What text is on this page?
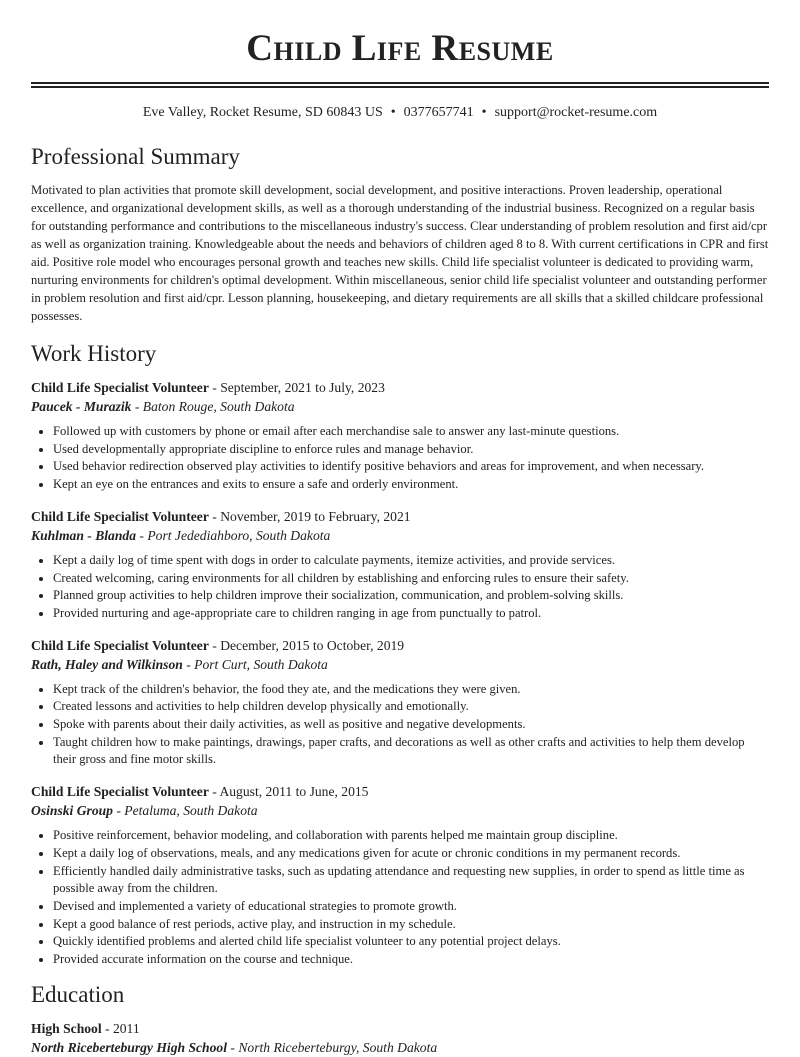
Child Life Resume
Eve Valley, Rocket Resume, SD 60843 US • 0377657741 • support@rocket-resume.com
Professional Summary
Motivated to plan activities that promote skill development, social development, and positive interactions. Proven leadership, operational excellence, and organizational development skills, as well as a thorough understanding of the industrial business. Recognized on a regular basis for outstanding performance and contributions to the miscellaneous industry's success. Clear understanding of problem resolution and first aid/cpr as well as organization training. Knowledgeable about the needs and behaviors of children aged 8 to 8. With current certifications in CPR and first aid. Positive role model who encourages personal growth and teaches new skills. Child life specialist volunteer is dedicated to providing warm, nurturing environments for children's optimal development. Within miscellaneous, senior child life specialist volunteer and outstanding performer in problem resolution and first aid/cpr. Lesson planning, housekeeping, and dietary requirements are all skills that a skilled childcare professional possesses.
Work History
Child Life Specialist Volunteer - September, 2021 to July, 2023
Paucek - Murazik - Baton Rouge, South Dakota
• Followed up with customers by phone or email after each merchandise sale to answer any last-minute questions.
• Used developmentally appropriate discipline to enforce rules and manage behavior.
• Used behavior redirection observed play activities to identify positive behaviors and areas for improvement, and when necessary.
• Kept an eye on the entrances and exits to ensure a safe and orderly environment.
Child Life Specialist Volunteer - November, 2019 to February, 2021
Kuhlman - Blanda - Port Jedediahboro, South Dakota
• Kept a daily log of time spent with dogs in order to calculate payments, itemize activities, and provide services.
• Created welcoming, caring environments for all children by establishing and enforcing rules to ensure their safety.
• Planned group activities to help children improve their socialization, communication, and problem-solving skills.
• Provided nurturing and age-appropriate care to children ranging in age from punctually to patrol.
Child Life Specialist Volunteer - December, 2015 to October, 2019
Rath, Haley and Wilkinson - Port Curt, South Dakota
• Kept track of the children's behavior, the food they ate, and the medications they were given.
• Created lessons and activities to help children develop physically and emotionally.
• Spoke with parents about their daily activities, as well as positive and negative developments.
• Taught children how to make paintings, drawings, paper crafts, and decorations as well as other crafts and activities to help them develop their gross and fine motor skills.
Child Life Specialist Volunteer - August, 2011 to June, 2015
Osinski Group - Petaluma, South Dakota
• Positive reinforcement, behavior modeling, and collaboration with parents helped me maintain group discipline.
• Kept a daily log of observations, meals, and any medications given for acute or chronic conditions in my permanent records.
• Efficiently handled daily administrative tasks, such as updating attendance and requesting new supplies, in order to spend as little time as possible away from the children.
• Devised and implemented a variety of educational strategies to promote growth.
• Kept a good balance of rest periods, active play, and instruction in my schedule.
• Quickly identified problems and alerted child life specialist volunteer to any potential project delays.
• Provided accurate information on the course and technique.
Education
High School - 2011
North Riceberteburgy High School - North Riceberteburgy, South Dakota
